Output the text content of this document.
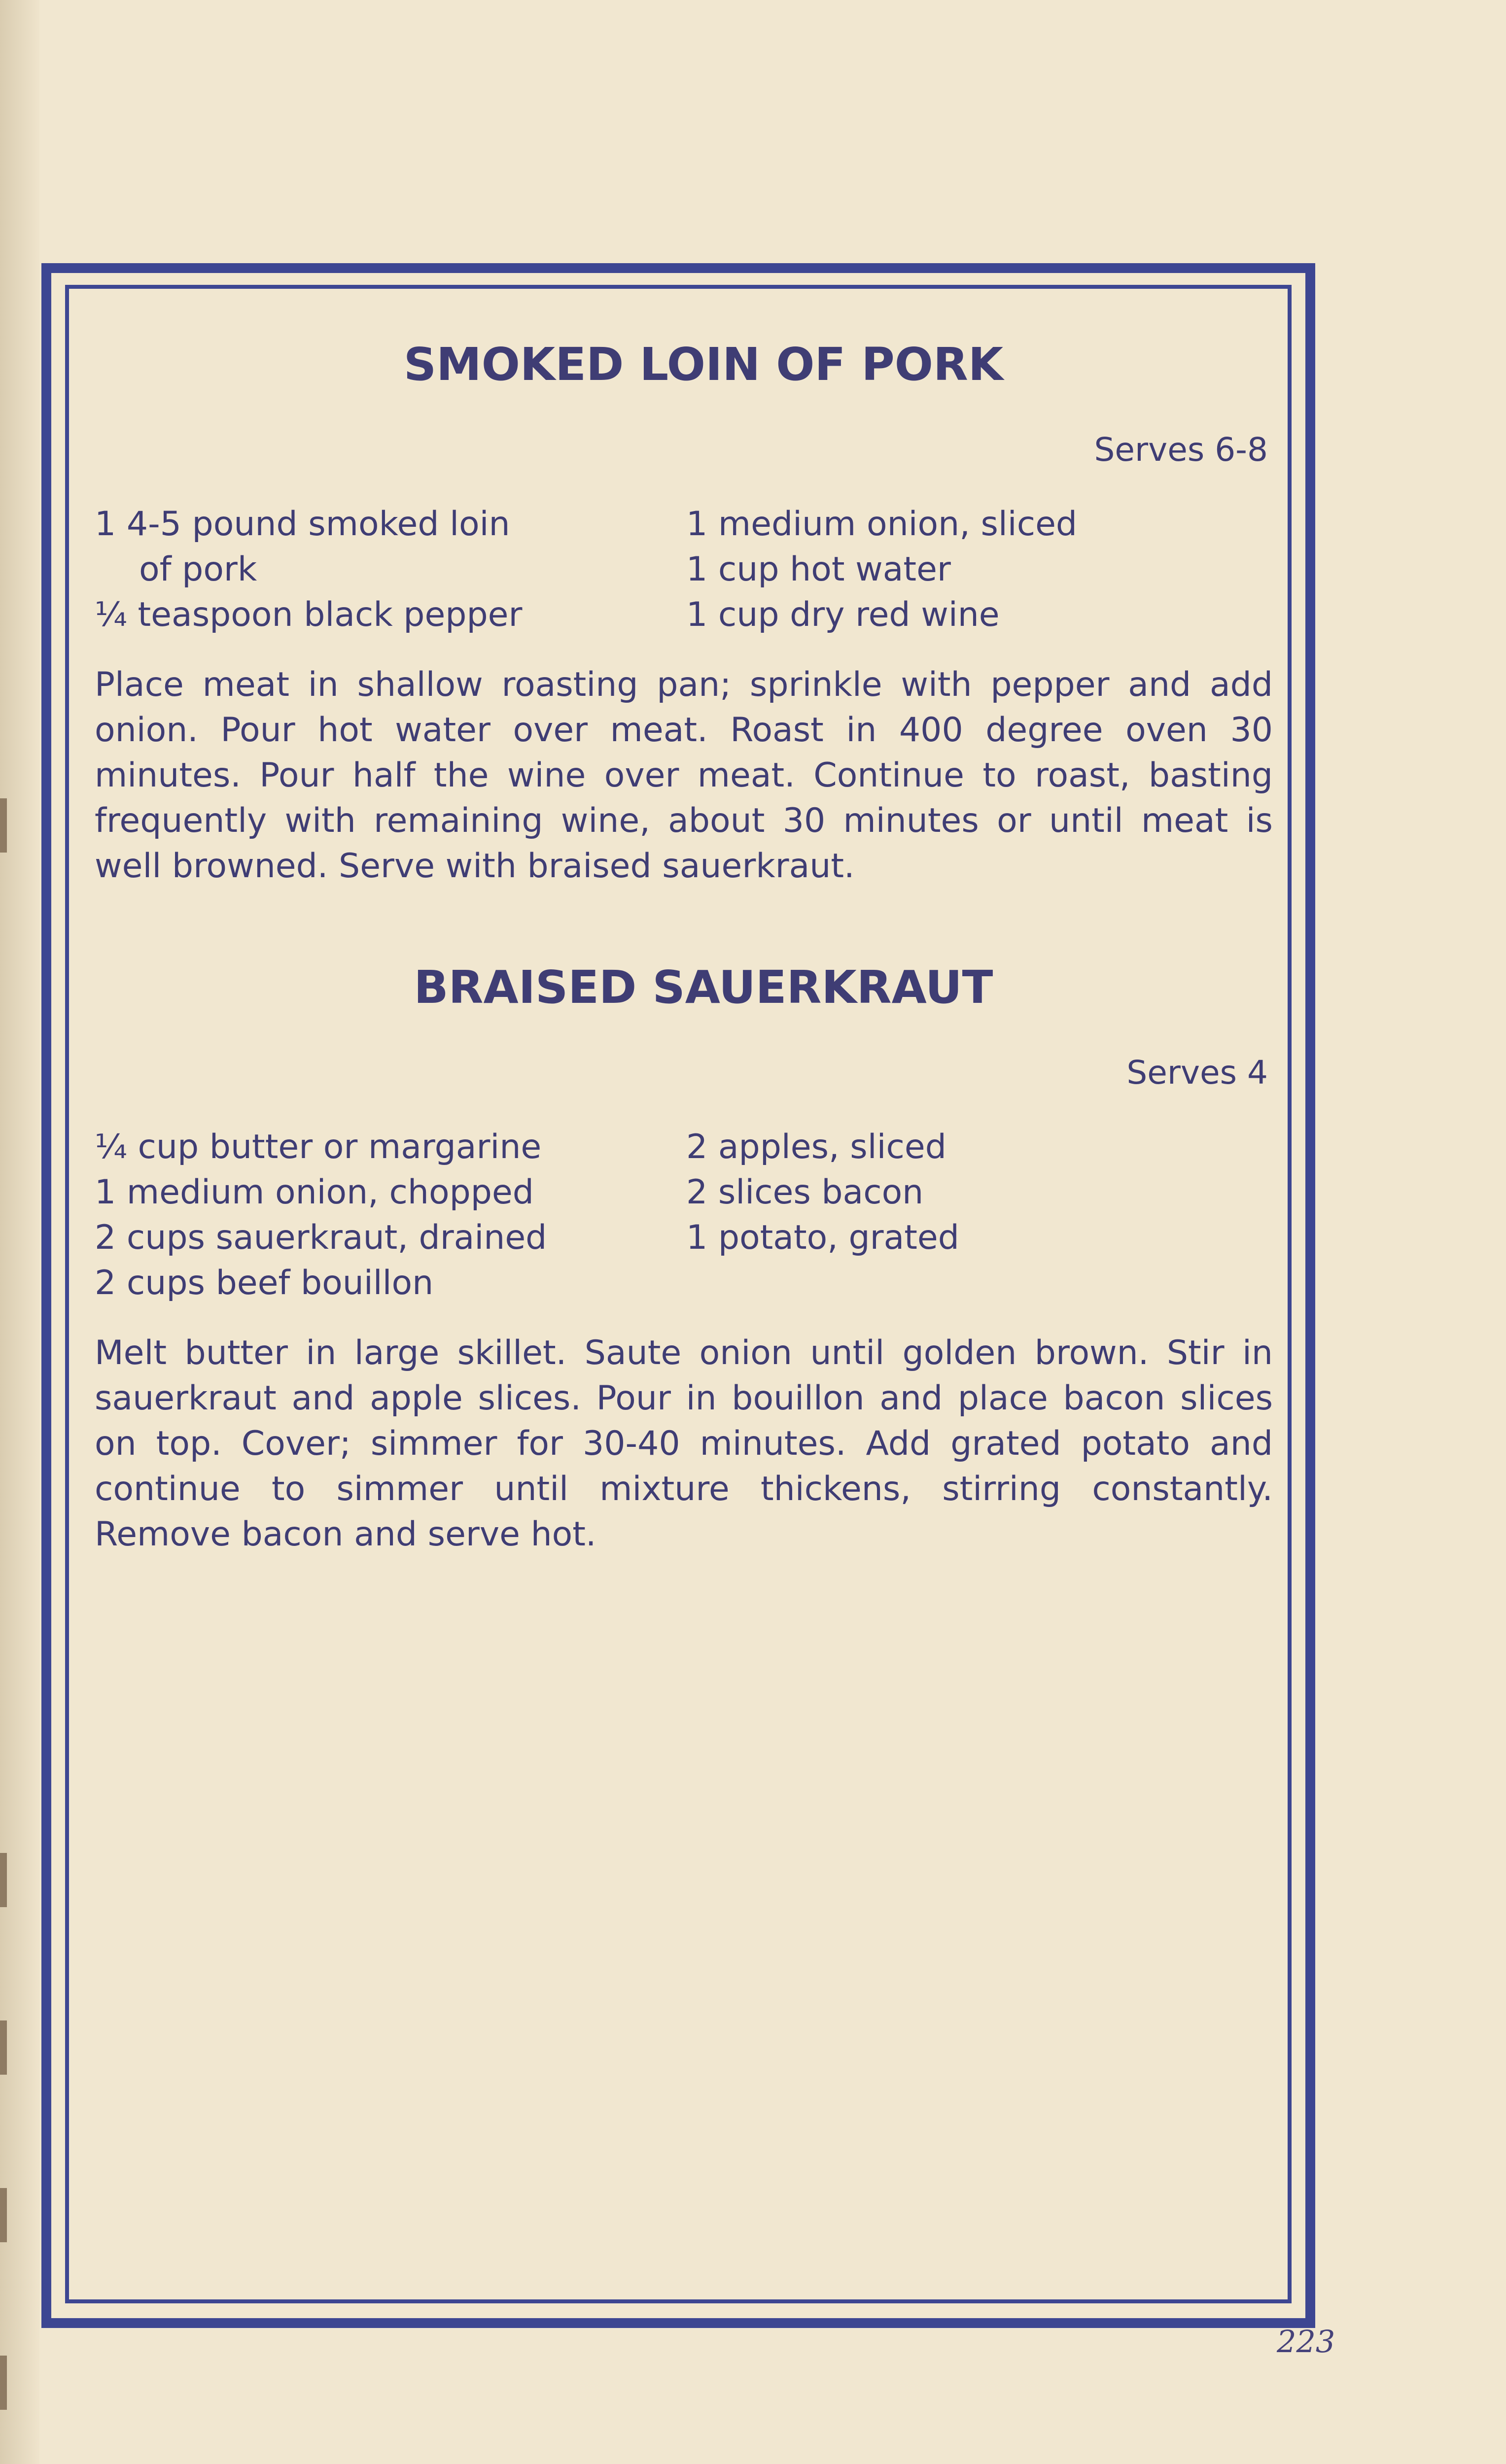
SMOKED LOIN OF PORK

Serves 6-8

1 4-5 pound smoked loin
of pork
¼ teaspoon black pepper
1 medium onion, sliced
1 cup hot water
1 cup dry red wine

Place meat in shallow roasting pan; sprinkle with pepper and add onion. Pour hot water over meat. Roast in 400 degree oven 30 minutes. Pour half the wine over meat. Continue to roast, basting frequently with remaining wine, about 30 minutes or until meat is well browned. Serve with braised sauerkraut.

BRAISED SAUERKRAUT

Serves 4

¼ cup butter or margarine
1 medium onion, chopped
2 cups sauerkraut, drained
2 cups beef bouillon
2 apples, sliced
2 slices bacon
1 potato, grated

Melt butter in large skillet. Saute onion until golden brown. Stir in sauerkraut and apple slices. Pour in bouillon and place bacon slices on top. Cover; simmer for 30-40 minutes. Add grated potato and continue to simmer until mixture thickens, stirring constantly. Remove bacon and serve hot.

223
